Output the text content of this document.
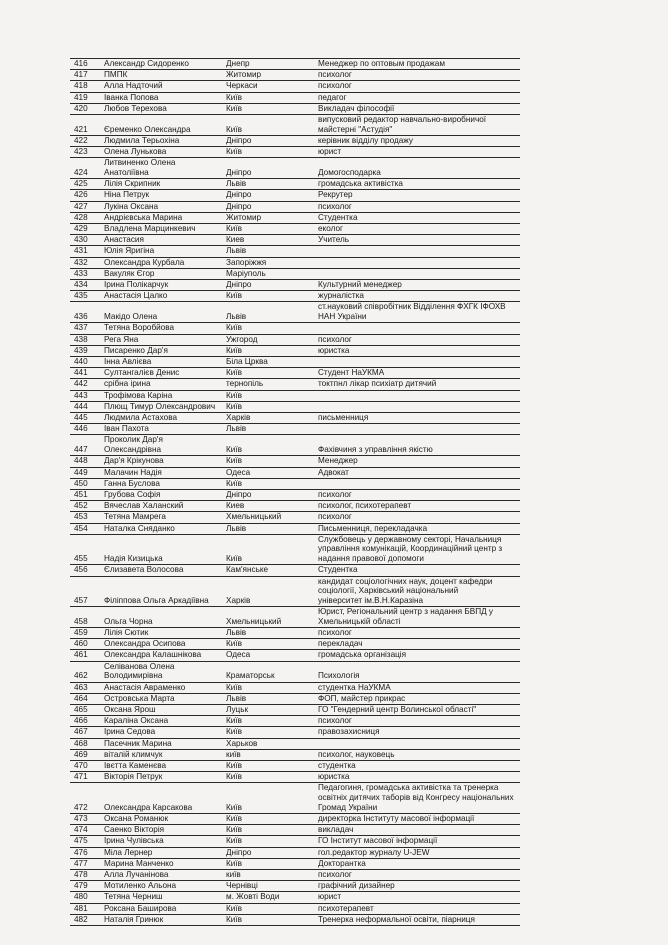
416	Александр Сидоренко	Днепр	Менеджер по оптовым продажам
417	ПМПК	Житомир	психолог
418	Алла Надточий	Черкаси	психолог
419	Іванка Попова	Київ	педагог
420	Любов Терехова	Київ	Викладач філософії
421	Єременко Олександра	Київ
випусковий редактор навчально-виробничої
майстерні "Астудія"
422	Людмила Терьохіна	Дніпро	керівник відділу продажу
423	Олена Лунькова	Київ	юрист
424
Литвиненко Олена
Анатоліївна	Дніпро	Домогосподарка
425	Лілія Скрипник	Львів	громадська активістка
426	Ніна Петрук	Дніпро	Рекрутер
427	Лукіна Оксана	Дніпро	психолог
428	Андрієвська Марина	Житомир	Студентка
429	Владлена Марцинкевич	Київ	еколог
430	Анастасия	Киев	Учитель
431	Юлія Яригіна	Львів
432	Олександра Курбала	Запоріжжя
433	Вакуляк Єгор	Маріуполь
434	Ірина Полікарчук	Дніпро	Культурний менеджер
435	Анастасія Цалко	Київ	журналістка
436	Макідо Олена	Львів
ст.науковий співробітник Відділення ФХГК ІФОХВ
НАН України
437	Тетяна Воробйова	Київ
438	Рега Яна	Ужгород	психолог
439	Писаренко Дар'я	Київ	юристка
440	Інна Авлієва	Біла Црква
441	Султангалієв Денис	Київ	Студент НаУКМА
442	срібна ірина	тернопіль	токтпнл лікар психіатр дитячий
443	Трофімова Каріна	Київ
444	Плющ Тимур Олександрович	Київ
445	Людмила Астахова	Харків	письменниця
446	Іван Пахота	Львів
447
Проколик Дар'я
Олександрівна	Київ	Фахівчиня з управління якістю
448	Дар'я Крікунова	Київ	Менеджер
449	Малачин Надія	Одеса	Адвокат
450	Ганна Буслова	Київ
451	Грубова Софія	Дніпро	психолог
452	Вячеслав Халанский	Киев	психолог, психотерапевт
453	Тетяна Мамрега	Хмельницький	психолог
454	Наталка Сняданко	Львів	Письменниця, перекладачка
455	Надія Кизицька	Київ
Службовець у державному секторі, Начальниця
управління комунікацій, Координаційний центр з
надання правової допомоги
456	Єлизавета Волосова	Кам'янське	Студентка
457	Філіппова Ольга Аркадіївна	Харків
кандидат соціологічних наук, доцент кафедри
соціології, Харківський національний
університет ім.В.Н.Каразіна
458	Ольга Чорна	Хмельницький
Юрист, Регіональний центр з надання БВПД у
Хмельницькій області
459	Лілія Сютик	Львів	психолог
460	Олександра Осипова	Київ	перекладач
461	Олександра Калашнікова	Одеса	громадська організація
462
Селіванова Олена
Володимирівна	Краматорськ	Психологія
463	Анастасія Авраменко	Київ	студентка НаУКМА
464	Островська Марта	Львів	ФОП, майстер прикрас
465	Оксана Ярош	Луцьк	ГО "Гендерний центр Волинської області"
466	Караліна Оксана	Київ	психолог
467	Ірина Седова	Київ	правозахисниця
468	Пасечник Марина	Харьков
469	віталій климчук	київ	психолог, науковець
470	Івєтта Каменєва	Київ	студентка
471	Вікторія Петрук	Київ	юристка
472	Олександра Карсакова	Київ
Педагогиня, громадська активістка та тренерка
освітніх дитячих таборів від Конгресу національних
Громад України
473	Оксана Романюк	Київ	директорка Інституту масової інформації
474	Саенко Вікторія	Київ	викладач
475	Ірина Чулівська	Київ	ГО Інститут масової інформації
476	Міла Лернер	Дніпро	гол.редактор журналу U-JEW
477	Марина Манченко	Київ	Докторантка
478	Алла Лучанінова	київ	психолог
479	Мотиленко Альона	Чернівці	графічний дизайнер
480	Тетяна Черниш	м. Жовті Води	юрист
481	Роксана Баширова	Київ	психотерапевт
482	Наталія Гринюк	Київ	Тренерка неформальної освіти, піарниця
